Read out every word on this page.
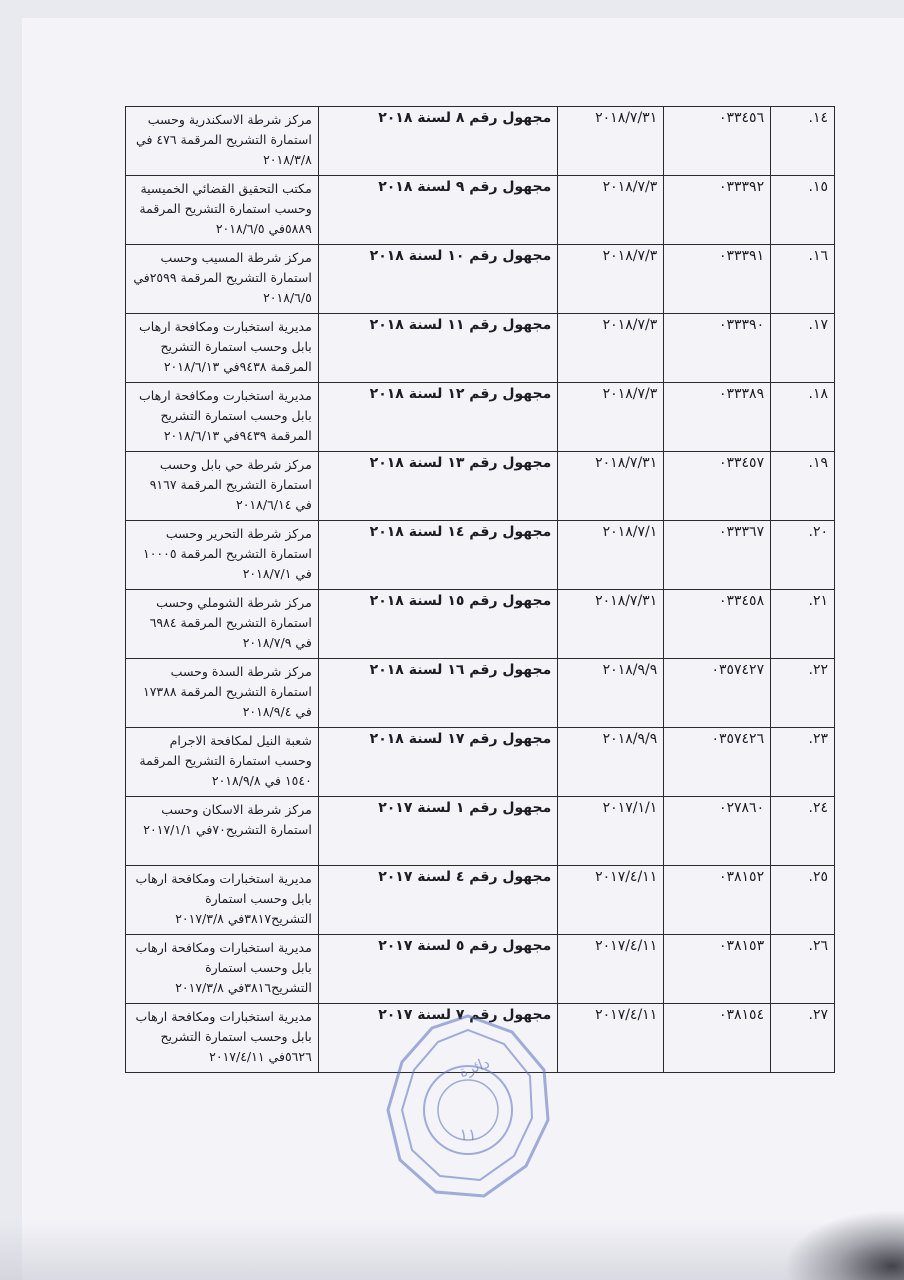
١٤.	٠٣٣٤٥٦	٢٠١٨/٧/٣١	مجهول رقم ٨ لسنة ٢٠١٨	مركز شرطة الاسكندرية وحسب استمارة التشريح المرقمة ٤٧٦ في ٢٠١٨/٣/٨
١٥.	٠٣٣٣٩٢	٢٠١٨/٧/٣	مجهول رقم ٩ لسنة ٢٠١٨	مكتب التحقيق القضائي الخميسية وحسب استمارة التشريح المرقمة ٥٨٨٩في ٢٠١٨/٦/٥
١٦.	٠٣٣٣٩١	٢٠١٨/٧/٣	مجهول رقم ١٠ لسنة ٢٠١٨	مركز شرطة المسيب وحسب استمارة التشريح المرقمة ٢٥٩٩في ٢٠١٨/٦/٥
١٧.	٠٣٣٣٩٠	٢٠١٨/٧/٣	مجهول رقم ١١ لسنة ٢٠١٨	مديرية استخبارت ومكافحة ارهاب بابل وحسب استمارة التشريح المرقمة ٩٤٣٨في ٢٠١٨/٦/١٣
١٨.	٠٣٣٣٨٩	٢٠١٨/٧/٣	مجهول رقم ١٢ لسنة ٢٠١٨	مديرية استخبارت ومكافحة ارهاب بابل وحسب استمارة التشريح المرقمة ٩٤٣٩في ٢٠١٨/٦/١٣
١٩.	٠٣٣٤٥٧	٢٠١٨/٧/٣١	مجهول رقم ١٣ لسنة ٢٠١٨	مركز شرطة حي بابل وحسب استمارة التشريح المرقمة ٩١٦٧ في ٢٠١٨/٦/١٤
٢٠.	٠٣٣٣٦٧	٢٠١٨/٧/١	مجهول رقم ١٤ لسنة ٢٠١٨	مركز شرطة التحرير وحسب استمارة التشريح المرقمة ١٠٠٠٥ في ٢٠١٨/٧/١
٢١.	٠٣٣٤٥٨	٢٠١٨/٧/٣١	مجهول رقم ١٥ لسنة ٢٠١٨	مركز شرطة الشوملي وحسب استمارة التشريح المرقمة ٦٩٨٤ في ٢٠١٨/٧/٩
٢٢.	٠٣٥٧٤٢٧	٢٠١٨/٩/٩	مجهول رقم ١٦ لسنة ٢٠١٨	مركز شرطة السدة وحسب استمارة التشريح المرقمة ١٧٣٨٨ في ٢٠١٨/٩/٤
٢٣.	٠٣٥٧٤٢٦	٢٠١٨/٩/٩	مجهول رقم ١٧ لسنة ٢٠١٨	شعبة النيل لمكافحة الاجرام وحسب استمارة التشريح المرقمة ١٥٤٠ في ٢٠١٨/٩/٨
٢٤.	٠٢٧٨٦٠	٢٠١٧/١/١	مجهول رقم ١ لسنة ٢٠١٧	مركز شرطة الاسكان وحسب استمارة التشريح٧٠في ٢٠١٧/١/١
٢٥.	٠٣٨١٥٢	٢٠١٧/٤/١١	مجهول رقم ٤ لسنة ٢٠١٧	مديرية استخبارات ومكافحة ارهاب بابل وحسب استمارة التشريح٣٨١٧في ٢٠١٧/٣/٨
٢٦.	٠٣٨١٥٣	٢٠١٧/٤/١١	مجهول رقم ٥ لسنة ٢٠١٧	مديرية استخبارات ومكافحة ارهاب بابل وحسب استمارة التشريح٣٨١٦في ٢٠١٧/٣/٨
٢٧.	٠٣٨١٥٤	٢٠١٧/٤/١١	مجهول رقم ٧ لسنة ٢٠١٧	مديرية استخبارات ومكافحة ارهاب بابل وحسب استمارة التشريح ٥٦٢٦في ٢٠١٧/٤/١١	دائرة
١١
